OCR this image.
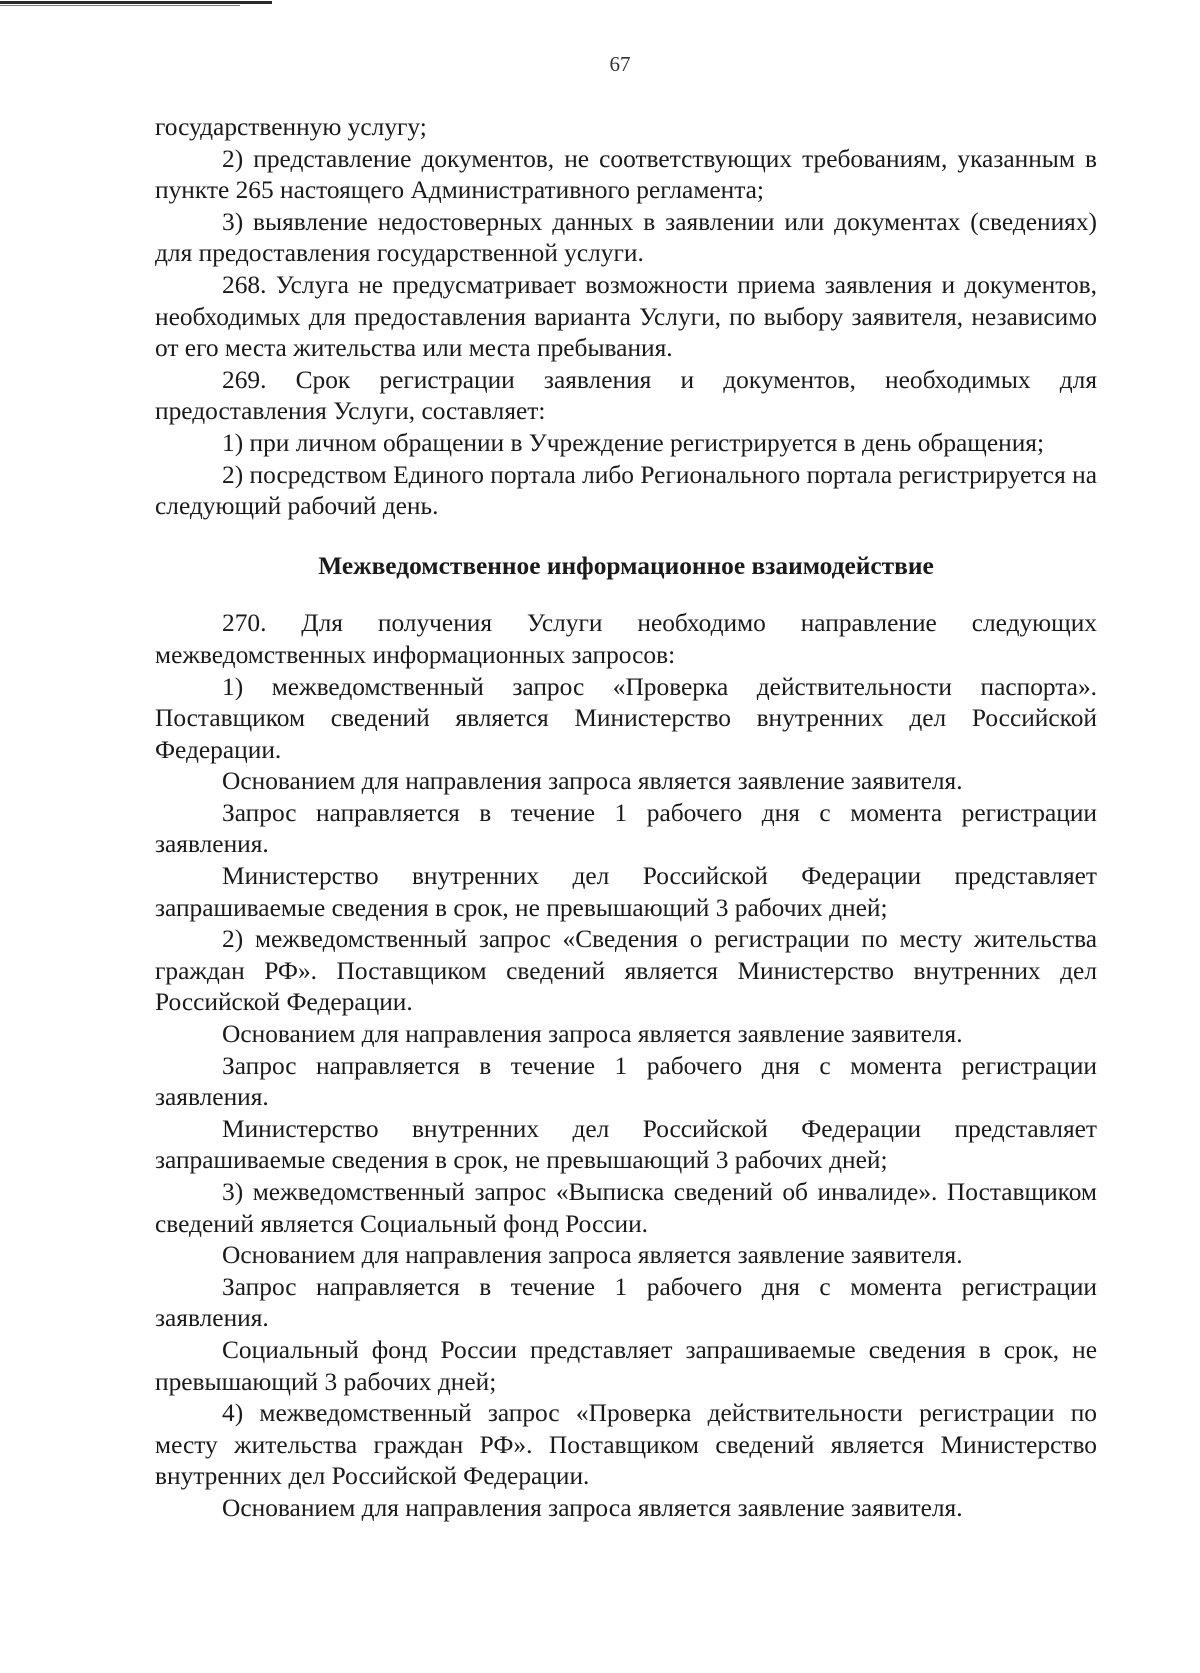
67

государственную услугу;

2) представление документов, не соответствующих требованиям, указанным в пункте 265 настоящего Административного регламента;

3) выявление недостоверных данных в заявлении или документах (сведениях) для предоставления государственной услуги.

268. Услуга не предусматривает возможности приема заявления и документов, необходимых для предоставления варианта Услуги, по выбору заявителя, независимо от его места жительства или места пребывания.

269. Срок регистрации заявления и документов, необходимых для предоставления Услуги, составляет:

1) при личном обращении в Учреждение регистрируется в день обращения;

2) посредством Единого портала либо Регионального портала регистрируется на следующий рабочий день.

Межведомственное информационное взаимодействие

270. Для получения Услуги необходимо направление следующих межведомственных информационных запросов:

1) межведомственный запрос «Проверка действительности паспорта». Поставщиком сведений является Министерство внутренних дел Российской Федерации.

Основанием для направления запроса является заявление заявителя.

Запрос направляется в течение 1 рабочего дня с момента регистрации заявления.

Министерство внутренних дел Российской Федерации представляет запрашиваемые сведения в срок, не превышающий 3 рабочих дней;

2) межведомственный запрос «Сведения о регистрации по месту жительства граждан РФ». Поставщиком сведений является Министерство внутренних дел Российской Федерации.

Основанием для направления запроса является заявление заявителя.

Запрос направляется в течение 1 рабочего дня с момента регистрации заявления.

Министерство внутренних дел Российской Федерации представляет запрашиваемые сведения в срок, не превышающий 3 рабочих дней;

3) межведомственный запрос «Выписка сведений об инвалиде». Поставщиком сведений является Социальный фонд России.

Основанием для направления запроса является заявление заявителя.

Запрос направляется в течение 1 рабочего дня с момента регистрации заявления.

Социальный фонд России представляет запрашиваемые сведения в срок, не превышающий 3 рабочих дней;

4) межведомственный запрос «Проверка действительности регистрации по месту жительства граждан РФ». Поставщиком сведений является Министерство внутренних дел Российской Федерации.

Основанием для направления запроса является заявление заявителя.
